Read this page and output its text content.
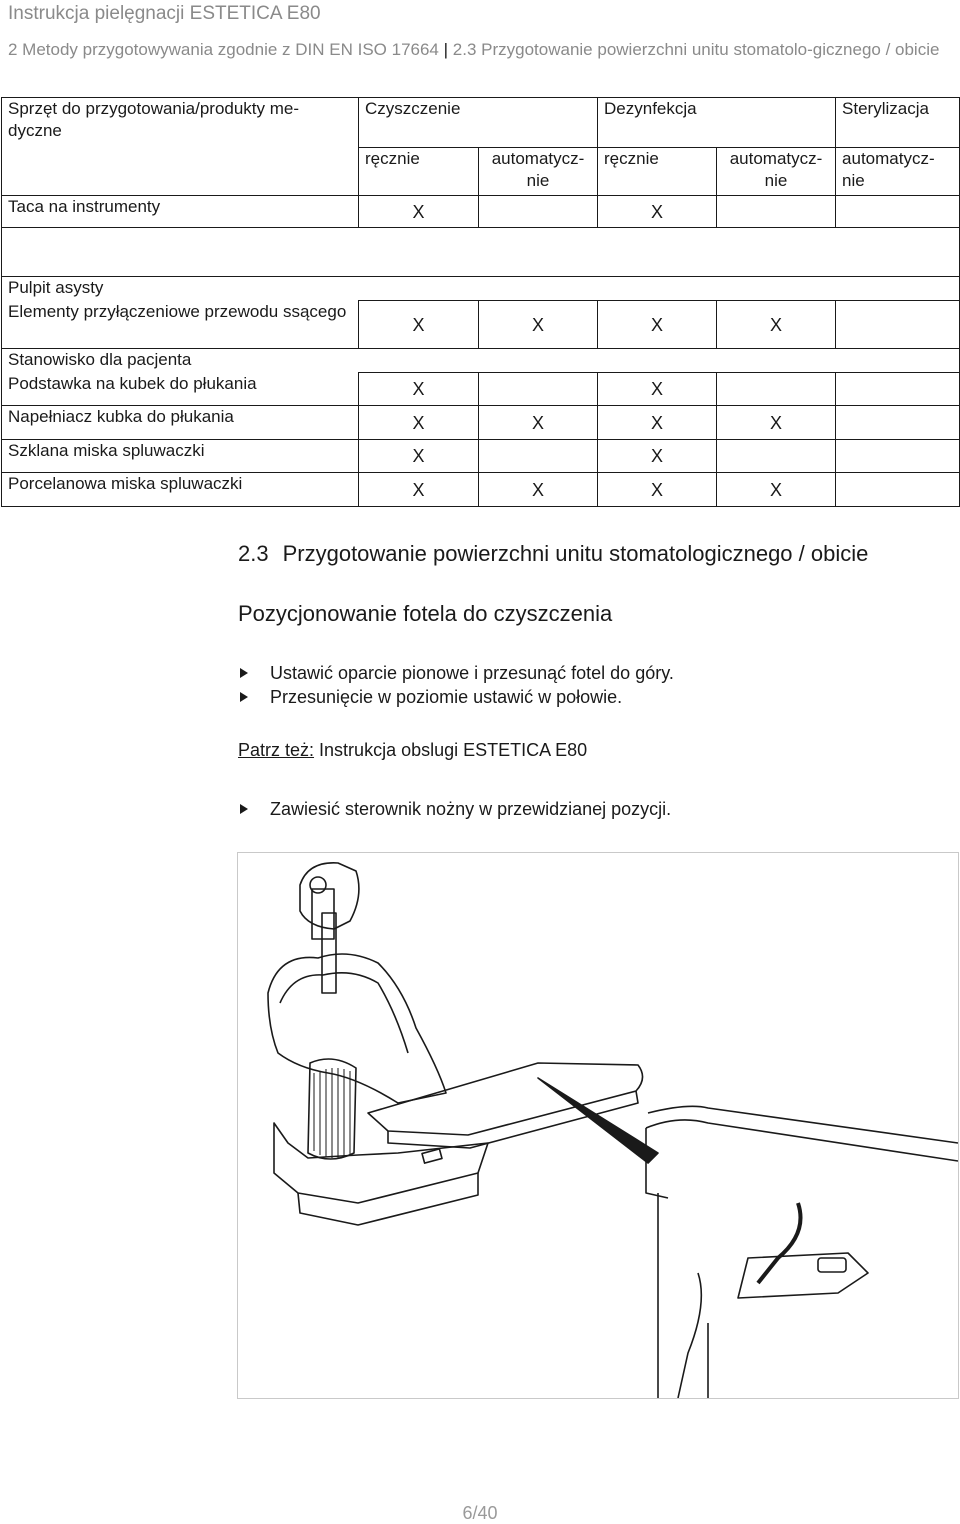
Instrukcja pielęgnacji ESTETICA E80
2 Metody przygotowywania zgodnie z DIN EN ISO 17664 | 2.3 Przygotowanie powierzchni unitu stomatolo-gicznego / obicie
Sprzęt do przygotowania/produkty me-dyczne	Czyszczenie		Dezynfekcja		Sterylizacja
	ręcznie	automatycz-nie	ręcznie	automatycz-nie	automatycz-nie
Taca na instrumenty	X		X		

Pulpit asysty					
Elementy przyłączeniowe przewodu ssącego	X	X	X	X	
Stanowisko dla pacjenta					
Podstawka na kubek do płukania	X		X		
Napełniacz kubka do płukania	X	X	X	X	
Szklana miska spluwaczki	X		X		
Porcelanowa miska spluwaczki	X	X	X	X	
2.3 Przygotowanie powierzchni unitu stomatologicznego / obicie
Pozycjonowanie fotela do czyszczenia
Ustawić oparcie pionowe i przesunąć fotel do góry.
Przesunięcie w poziomie ustawić w połowie.
Patrz też: Instrukcja obslugi ESTETICA E80
Zawiesić sterownik nożny w przewidzianej pozycji.
6/40
